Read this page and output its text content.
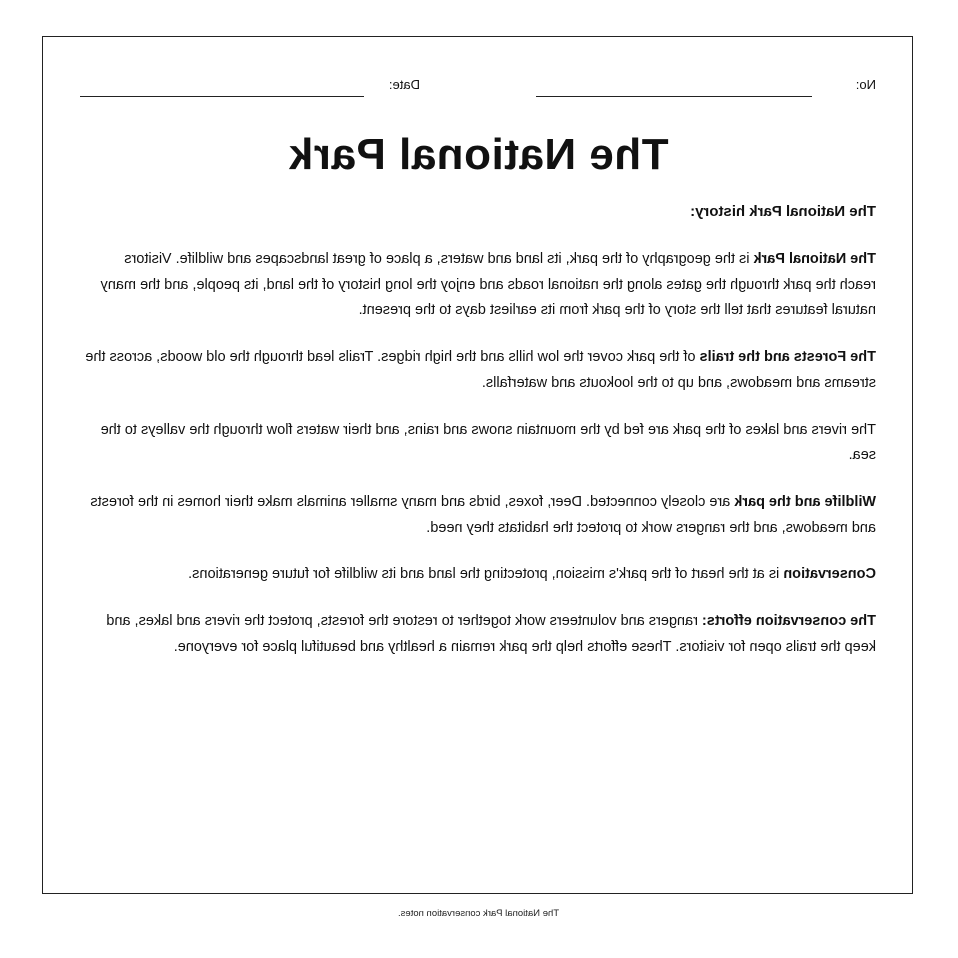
No:
Date:
The National Park
The National Park history:

The National Park is the geography of the park, its land and waters, a place of great landscapes and wildlife. Visitors reach the park through the gates along the national roads and enjoy the long history of the land, its people, and the many natural features that tell the story of the park from its earliest days to the present.

The Forests and the trails of the park cover the low hills and the high ridges. Trails lead through the old woods, across the streams and meadows, and up to the lookouts and waterfalls.

The rivers and lakes of the park are fed by the mountain snows and rains, and their waters flow through the valleys to the sea.

Wildlife and the park are closely connected. Deer, foxes, birds and many smaller animals make their homes in the forests and meadows, and the rangers work to protect the habitats they need.

Conservation is at the heart of the park's mission, protecting the land and its wildlife for future generations.

The conservation efforts: rangers and volunteers work together to restore the forests, protect the rivers and lakes, and keep the trails open for visitors. These efforts help the park remain a healthy and beautiful place for everyone.

The National Park conservation notes.
